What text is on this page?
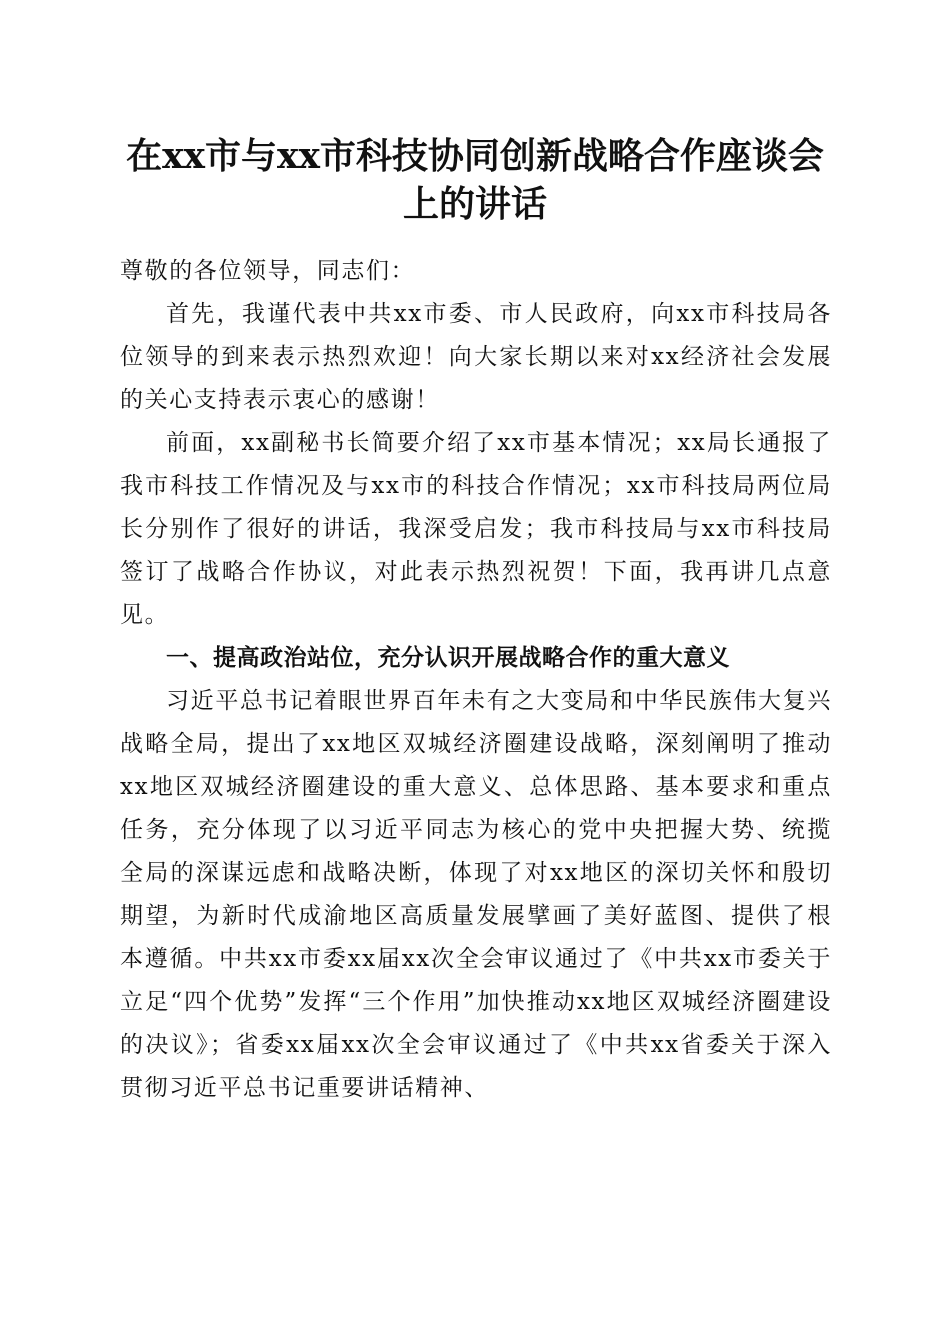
在xx市与xx市科技协同创新战略合作座谈会上的讲话

尊敬的各位领导，同志们：

首先，我谨代表中共xx市委、市人民政府，向xx市科技局各位领导的到来表示热烈欢迎！向大家长期以来对xx经济社会发展的关心支持表示衷心的感谢！

前面，xx副秘书长简要介绍了xx市基本情况；xx局长通报了我市科技工作情况及与xx市的科技合作情况；xx市科技局两位局长分别作了很好的讲话，我深受启发；我市科技局与xx市科技局签订了战略合作协议，对此表示热烈祝贺！下面，我再讲几点意见。

一、提高政治站位，充分认识开展战略合作的重大意义

习近平总书记着眼世界百年未有之大变局和中华民族伟大复兴战略全局，提出了xx地区双城经济圈建设战略，深刻阐明了推动xx地区双城经济圈建设的重大意义、总体思路、基本要求和重点任务，充分体现了以习近平同志为核心的党中央把握大势、统揽全局的深谋远虑和战略决断，体现了对xx地区的深切关怀和殷切期望，为新时代成渝地区高质量发展擘画了美好蓝图、提供了根本遵循。中共xx市委xx届xx次全会审议通过了《中共xx市委关于立足“四个优势”发挥“三个作用”加快推动xx地区双城经济圈建设的决议》；省委xx届xx次全会审议通过了《中共xx省委关于深入贯彻习近平总书记重要讲话精神、
